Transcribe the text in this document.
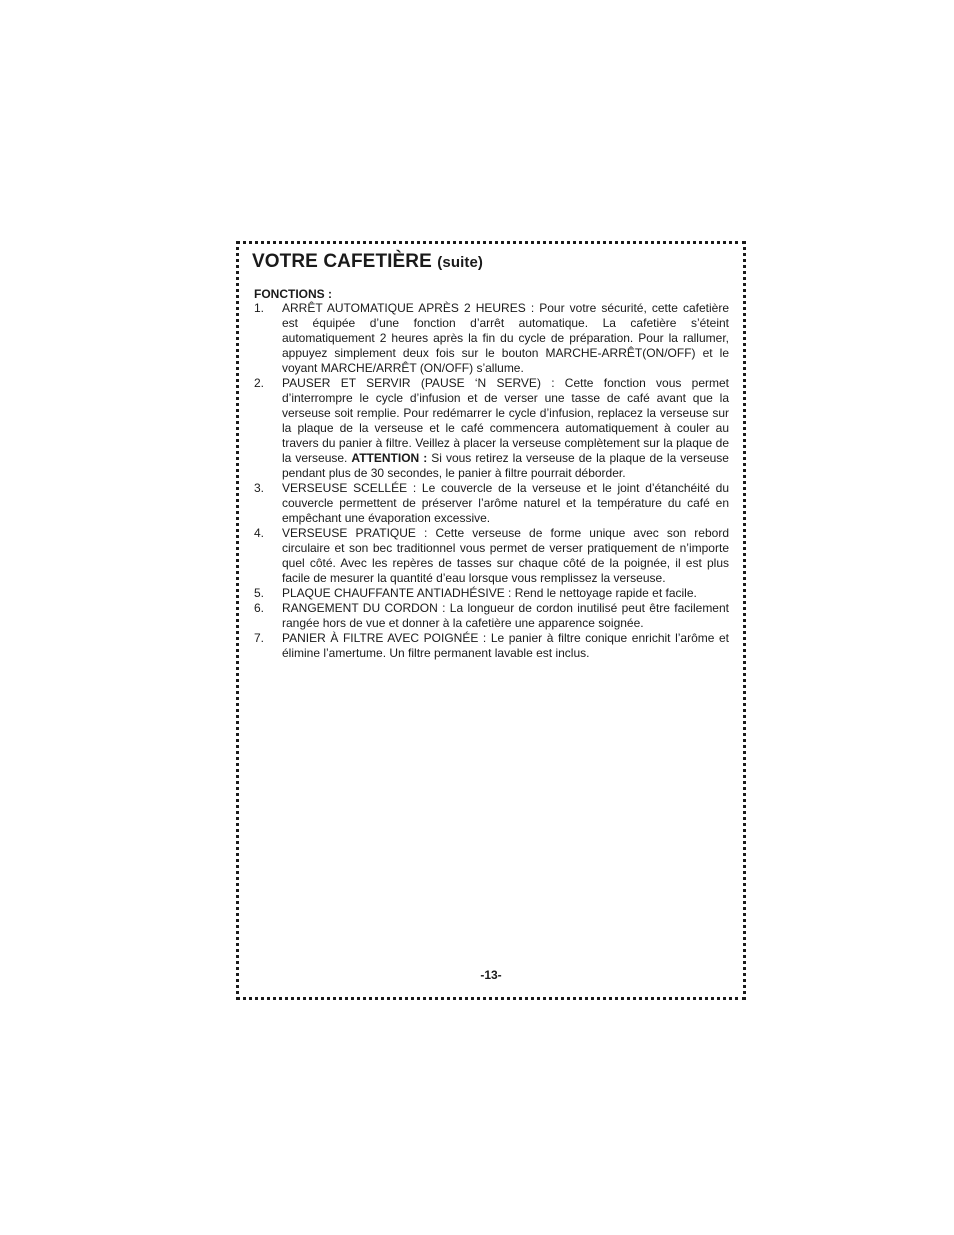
VOTRE CAFETIÈRE (suite)

FONCTIONS :

1. ARRÊT AUTOMATIQUE APRÈS 2 HEURES : Pour votre sécurité, cette cafetière est équipée d’une fonction d’arrêt automatique. La cafetière s’éteint automatiquement 2 heures après la fin du cycle de préparation. Pour la rallumer, appuyez simplement deux fois sur le bouton MARCHE-ARRÊT(ON/OFF) et le voyant MARCHE/ARRÊT (ON/OFF) s’allume.
2. PAUSER ET SERVIR (PAUSE ‘N SERVE) : Cette fonction vous permet d’interrompre le cycle d’infusion et de verser une tasse de café avant que la verseuse soit remplie. Pour redémarrer le cycle d’infusion, replacez la verseuse sur la plaque de la verseuse et le café commencera automatiquement à couler au travers du panier à filtre. Veillez à placer la verseuse complètement sur la plaque de la verseuse. ATTENTION : Si vous retirez la verseuse de la plaque de la verseuse pendant plus de 30 secondes, le panier à filtre pourrait déborder.
3. VERSEUSE SCELLÉE : Le couvercle de la verseuse et le joint d’étanchéité du couvercle permettent de préserver l’arôme naturel et la température du café en empêchant une évaporation excessive.
4. VERSEUSE PRATIQUE : Cette verseuse de forme unique avec son rebord circulaire et son bec traditionnel vous permet de verser pratiquement de n’importe quel côté. Avec les repères de tasses sur chaque côté de la poignée, il est plus facile de mesurer la quantité d’eau lorsque vous remplissez la verseuse.
5. PLAQUE CHAUFFANTE ANTIADHÉSIVE : Rend le nettoyage rapide et facile.
6. RANGEMENT DU CORDON : La longueur de cordon inutilisé peut être facilement rangée hors de vue et donner à la cafetière une apparence soignée.
7. PANIER À FILTRE AVEC POIGNÉE : Le panier à filtre conique enrichit l’arôme et élimine l’amertume. Un filtre permanent lavable est inclus.

-13-
